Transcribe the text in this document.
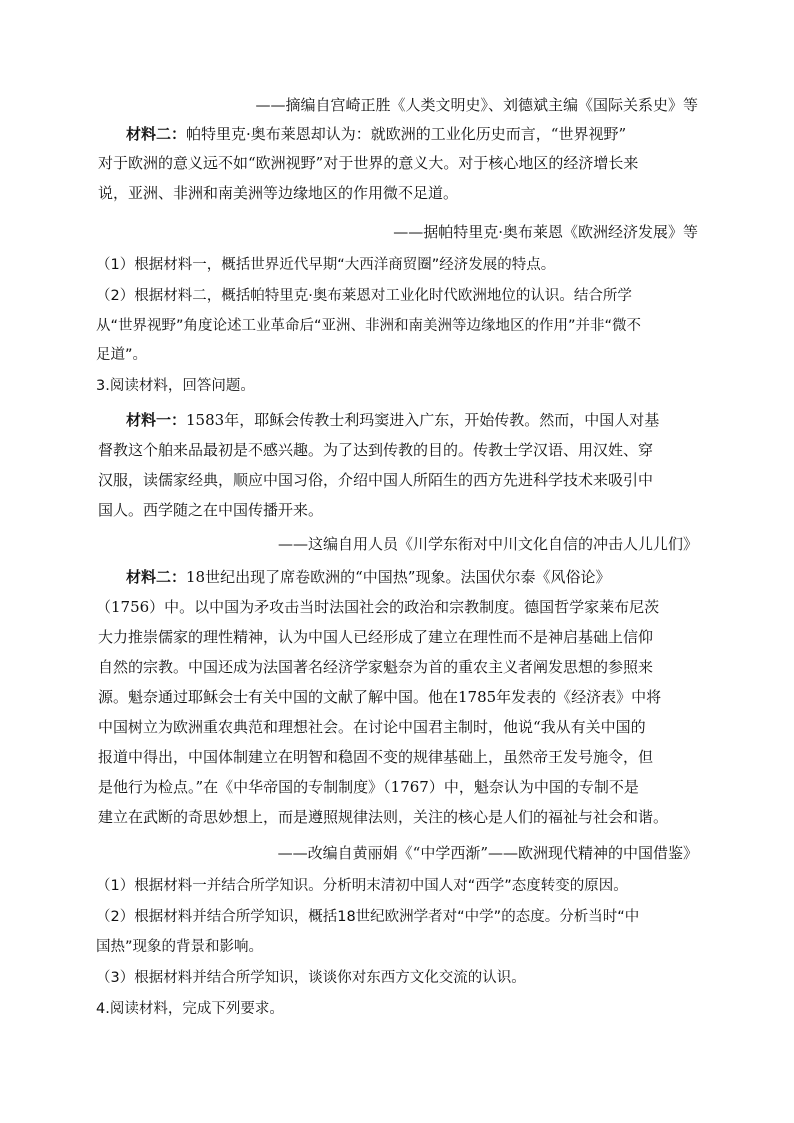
——摘编自宫崎正胜《人类文明史》、刘德斌主编《国际关系史》等
材料二：帕特里克·奥布莱恩却认为：就欧洲的工业化历史而言，“世界视野”
对于欧洲的意义远不如“欧洲视野”对于世界的意义大。对于核心地区的经济增长来
说，亚洲、非洲和南美洲等边缘地区的作用微不足道。
——据帕特里克·奥布莱恩《欧洲经济发展》等
（1）根据材料一，概括世界近代早期“大西洋商贸圈”经济发展的特点。
（2）根据材料二，概括帕特里克·奥布莱恩对工业化时代欧洲地位的认识。结合所学
从“世界视野”角度论述工业革命后“亚洲、非洲和南美洲等边缘地区的作用”并非“微不
足道”。
3.阅读材料，回答问题。
材料一：1583年，耶稣会传教士利玛窦进入广东，开始传教。然而，中国人对基
督教这个舶来品最初是不感兴趣。为了达到传教的目的。传教士学汉语、用汉姓、穿
汉服，读儒家经典，顺应中国习俗，介绍中国人所陌生的西方先进科学技术来吸引中
国人。西学随之在中国传播开来。
——这编自用人员《川学东衔对中川文化自信的冲击人儿儿们》
材料二：18世纪出现了席卷欧洲的“中国热”现象。法国伏尔泰《风俗论》
（1756）中。以中国为矛攻击当时法国社会的政治和宗教制度。德国哲学家莱布尼茨
大力推崇儒家的理性精神，认为中国人已经形成了建立在理性而不是神启基础上信仰
自然的宗教。中国还成为法国著名经济学家魁奈为首的重农主义者阐发思想的参照来
源。魁奈通过耶稣会士有关中国的文献了解中国。他在1785年发表的《经济表》中将
中国树立为欧洲重农典范和理想社会。在讨论中国君主制时，他说“我从有关中国的
报道中得出，中国体制建立在明智和稳固不变的规律基础上，虽然帝王发号施令，但
是他行为检点。”在《中华帝国的专制制度》（1767）中，魁奈认为中国的专制不是
建立在武断的奇思妙想上，而是遵照规律法则，关注的核心是人们的福祉与社会和谐。
——改编自黄丽娟《“中学西渐”——欧洲现代精神的中国借鉴》
（1）根据材料一并结合所学知识。分析明末清初中国人对“西学”态度转变的原因。
（2）根据材料并结合所学知识，概括18世纪欧洲学者对“中学”的态度。分析当时“中
国热”现象的背景和影响。
（3）根据材料并结合所学知识，谈谈你对东西方文化交流的认识。
4.阅读材料，完成下列要求。
